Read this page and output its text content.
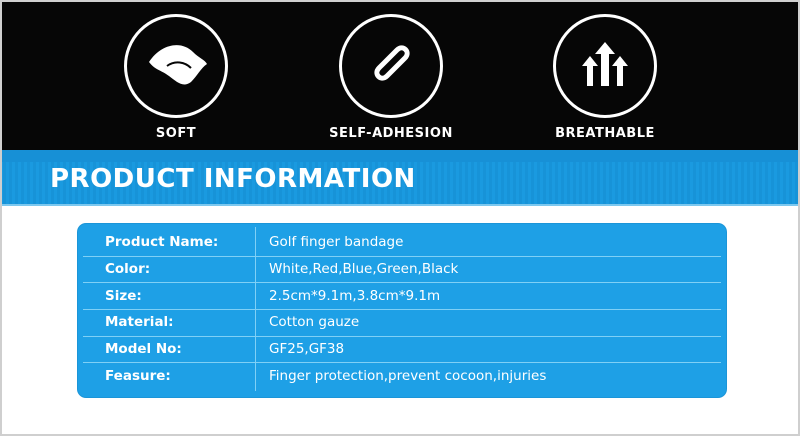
SOFT	SELF-ADHESION	BREATHABLE
PRODUCT INFORMATION
Product Name:	Golf finger bandage
Color:	White,Red,Blue,Green,Black
Size:	2.5cm*9.1m,3.8cm*9.1m
Material:	Cotton gauze
Model No:	GF25,GF38
Feasure:	Finger protection,prevent cocoon,injuries
